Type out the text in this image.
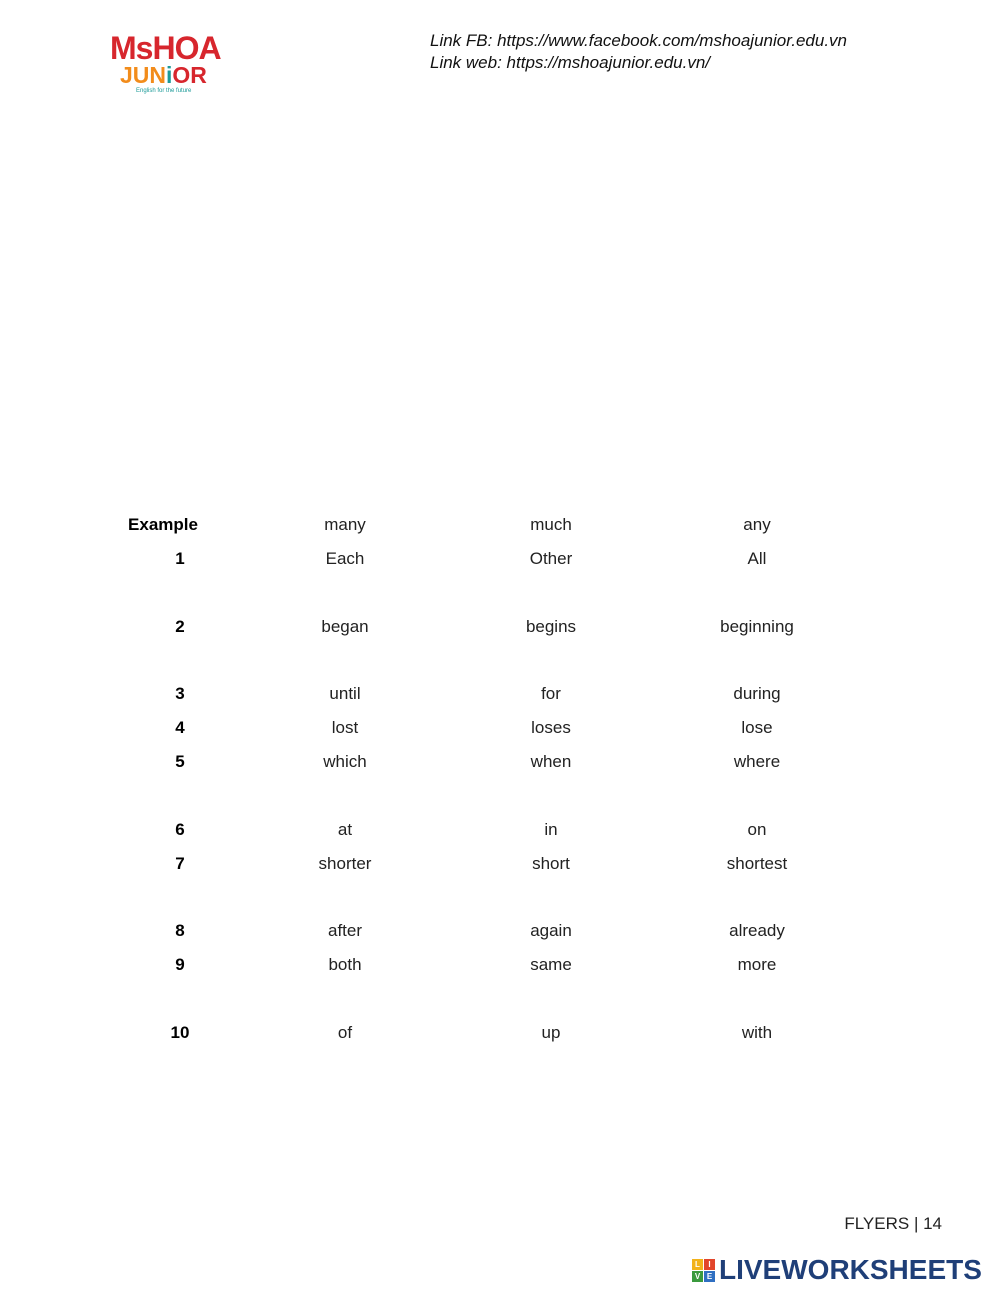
MsHOA
JUNiOR
English for the future
Link FB: https://www.facebook.com/mshoajunior.edu.vn
Link web: https://mshoajunior.edu.vn/
Example	many	much	any
1	Each	Other	All
2	began	begins	beginning
3	until	for	during
4	lost	loses	lose
5	which	when	where
6	at	in	on
7	shorter	short	shortest
8	after	again	already
9	both	same	more
10	of	up	with
FLYERS | 14
L	I
V E LIVEWORKSHEETS
